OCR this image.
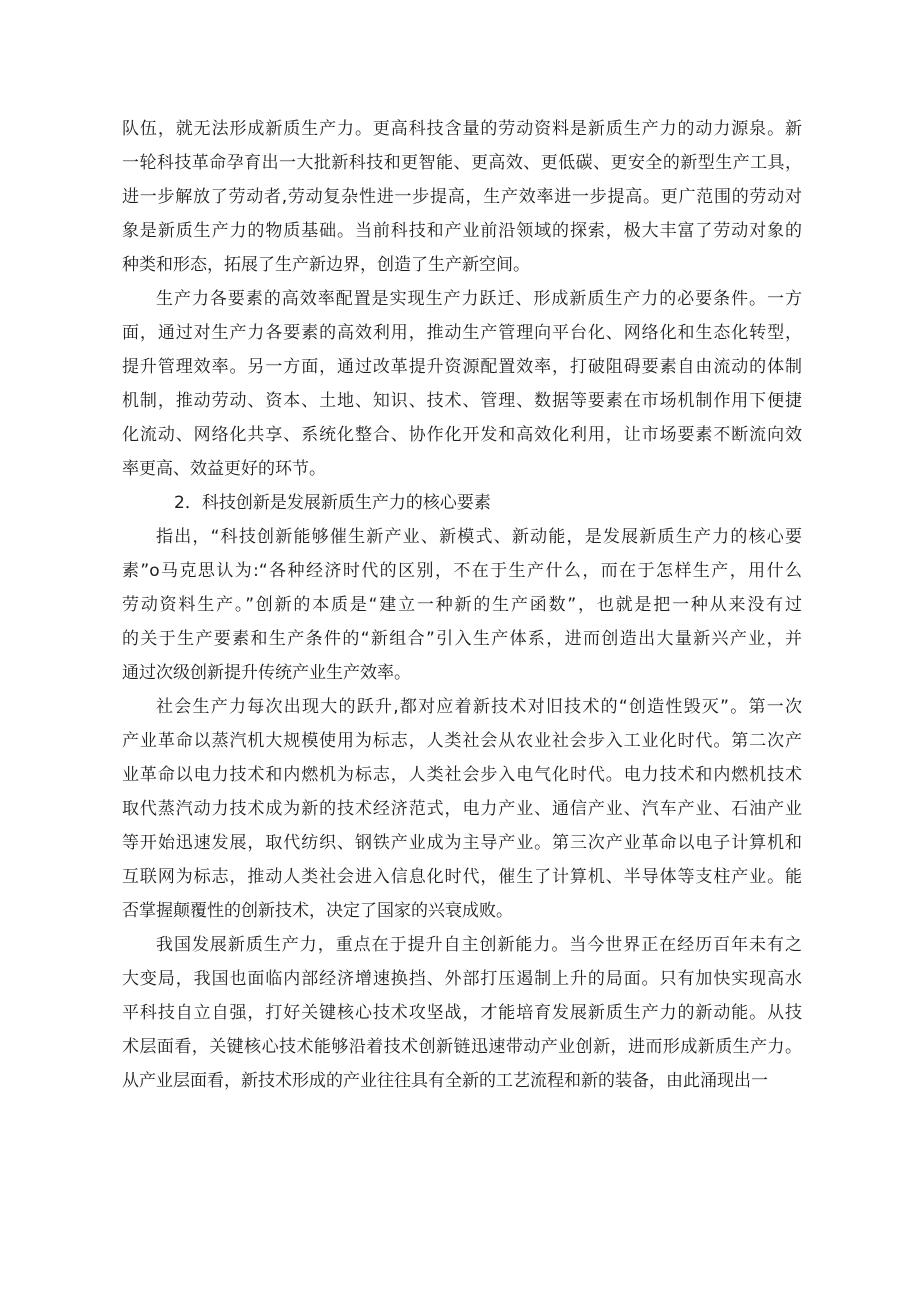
队伍，就无法形成新质生产力。更高科技含量的劳动资料是新质生产力的动力源泉。新
一轮科技革命孕育出一大批新科技和更智能、更高效、更低碳、更安全的新型生产工具，
进一步解放了劳动者,劳动复杂性进一步提高，生产效率进一步提高。更广范围的劳动对
象是新质生产力的物质基础。当前科技和产业前沿领域的探索，极大丰富了劳动对象的
种类和形态，拓展了生产新边界，创造了生产新空间。
生产力各要素的高效率配置是实现生产力跃迁、形成新质生产力的必要条件。一方
面，通过对生产力各要素的高效利用，推动生产管理向平台化、网络化和生态化转型，
提升管理效率。另一方面，通过改革提升资源配置效率，打破阻碍要素自由流动的体制
机制，推动劳动、资本、土地、知识、技术、管理、数据等要素在市场机制作用下便捷
化流动、网络化共享、系统化整合、协作化开发和高效化利用，让市场要素不断流向效
率更高、效益更好的环节。
2．科技创新是发展新质生产力的核心要素
指出，“科技创新能够催生新产业、新模式、新动能，是发展新质生产力的核心要
素”o马克思认为:“各种经济时代的区别，不在于生产什么，而在于怎样生产，用什么
劳动资料生产。”创新的本质是“建立一种新的生产函数”，也就是把一种从来没有过
的关于生产要素和生产条件的“新组合”引入生产体系，进而创造出大量新兴产业，并
通过次级创新提升传统产业生产效率。
社会生产力每次出现大的跃升,都对应着新技术对旧技术的“创造性毁灭”。第一次
产业革命以蒸汽机大规模使用为标志，人类社会从农业社会步入工业化时代。第二次产
业革命以电力技术和内燃机为标志，人类社会步入电气化时代。电力技术和内燃机技术
取代蒸汽动力技术成为新的技术经济范式，电力产业、通信产业、汽车产业、石油产业
等开始迅速发展，取代纺织、钢铁产业成为主导产业。第三次产业革命以电子计算机和
互联网为标志，推动人类社会进入信息化时代，催生了计算机、半导体等支柱产业。能
否掌握颠覆性的创新技术，决定了国家的兴衰成败。
我国发展新质生产力，重点在于提升自主创新能力。当今世界正在经历百年未有之
大变局，我国也面临内部经济增速换挡、外部打压遏制上升的局面。只有加快实现高水
平科技自立自强，打好关键核心技术攻坚战，才能培育发展新质生产力的新动能。从技
术层面看，关键核心技术能够沿着技术创新链迅速带动产业创新，进而形成新质生产力。
从产业层面看，新技术形成的产业往往具有全新的工艺流程和新的装备，由此涌现出一
